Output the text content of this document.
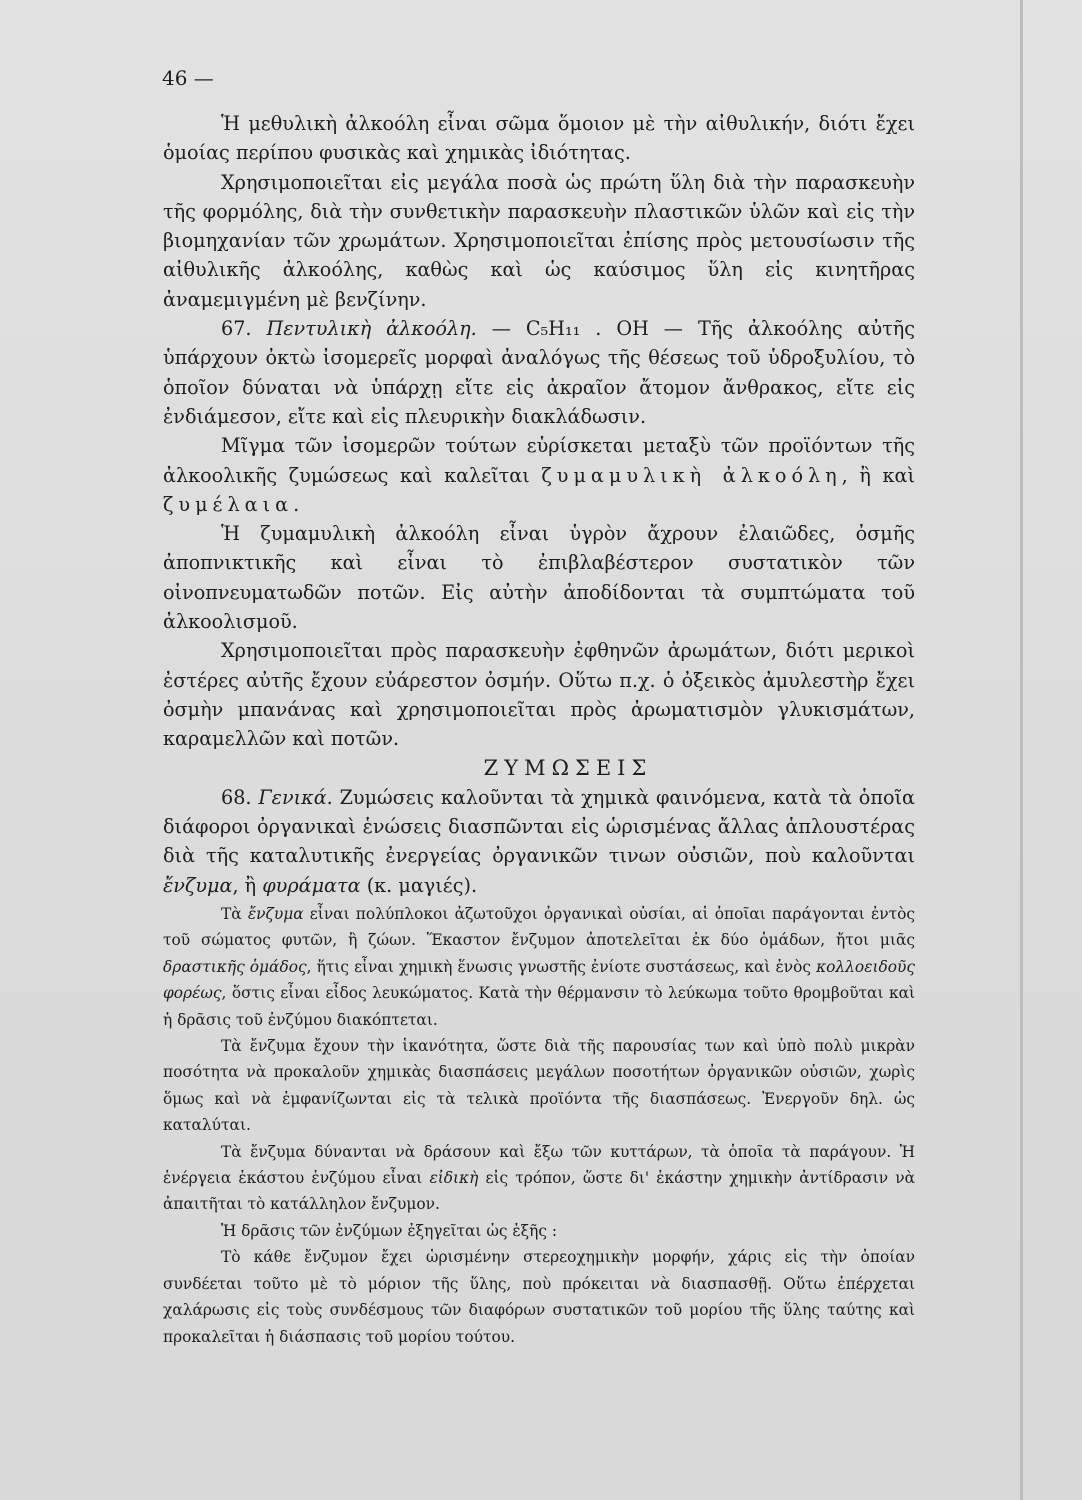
46 —

Ἡ μεθυλικὴ ἀλκοόλη εἶναι σῶμα ὅμοιον μὲ τὴν αἰθυλικήν, διότι ἔχει ὁμοίας περίπου φυσικὰς καὶ χημικὰς ἰδιότητας.

Χρησιμοποιεῖται εἰς μεγάλα ποσὰ ὡς πρώτη ὕλη διὰ τὴν παρασκευὴν τῆς φορμόλης, διὰ τὴν συνθετικὴν παρασκευὴν πλαστικῶν ὑλῶν καὶ εἰς τὴν βιομηχανίαν τῶν χρωμάτων. Χρησιμοποιεῖται ἐπίσης πρὸς μετουσίωσιν τῆς αἰθυλικῆς ἀλκοόλης, καθὼς καὶ ὡς καύσιμος ὕλη εἰς κινητῆρας ἀναμεμιγμένη μὲ βενζίνην.

67. Πεντυλικὴ ἀλκοόλη. — C₅H₁₁ . OH — Τῆς ἀλκοόλης αὐτῆς ὑπάρχουν ὀκτὼ ἰσομερεῖς μορφαὶ ἀναλόγως τῆς θέσεως τοῦ ὑδροξυλίου, τὸ ὁποῖον δύναται νὰ ὑπάρχῃ εἴτε εἰς ἀκραῖον ἄτομον ἄνθρακος, εἴτε εἰς ἐνδιάμεσον, εἴτε καὶ εἰς πλευρικὴν διακλάδωσιν.

Μῖγμα τῶν ἰσομερῶν τούτων εὑρίσκεται μεταξὺ τῶν προϊόντων τῆς ἀλκοολικῆς ζυμώσεως καὶ καλεῖται ζυμαμυλικὴ ἀλκοόλη, ἢ καὶ ζυμέλαια.

Ἡ ζυμαμυλικὴ ἀλκοόλη εἶναι ὑγρὸν ἄχρουν ἐλαιῶδες, ὀσμῆς ἀποπνικτικῆς καὶ εἶναι τὸ ἐπιβλαβέστερον συστατικὸν τῶν οἰνοπνευματωδῶν ποτῶν. Εἰς αὐτὴν ἀποδίδονται τὰ συμπτώματα τοῦ ἀλκοολισμοῦ.

Χρησιμοποιεῖται πρὸς παρασκευὴν ἐφθηνῶν ἀρωμάτων, διότι μερικοὶ ἐστέρες αὐτῆς ἔχουν εὐάρεστον ὀσμήν. Οὕτω π.χ. ὁ ὀξεικὸς ἀμυλεστὴρ ἔχει ὀσμὴν μπανάνας καὶ χρησιμοποιεῖται πρὸς ἀρωματισμὸν γλυκισμάτων, καραμελλῶν καὶ ποτῶν.

ΖΥΜΩΣΕΙΣ

68. Γενικά. Ζυμώσεις καλοῦνται τὰ χημικὰ φαινόμενα, κατὰ τὰ ὁποῖα διάφοροι ὀργανικαὶ ἑνώσεις διασπῶνται εἰς ὡρισμένας ἄλλας ἁπλουστέρας διὰ τῆς καταλυτικῆς ἐνεργείας ὀργανικῶν τινων οὐσιῶν, ποὺ καλοῦνται ἔνζυμα, ἢ φυράματα (κ. μαγιές).

Τὰ ἔνζυμα εἶναι πολύπλοκοι ἀζωτοῦχοι ὀργανικαὶ οὐσίαι, αἱ ὁποῖαι παράγονται ἐντὸς τοῦ σώματος φυτῶν, ἢ ζώων. Ἕκαστον ἔνζυμον ἀποτελεῖται ἐκ δύο ὁμάδων, ἤτοι μιᾶς δραστικῆς ὁμάδος, ἥτις εἶναι χημικὴ ἕνωσις γνωστῆς ἐνίοτε συστάσεως, καὶ ἑνὸς κολλοειδοῦς φορέως, ὅστις εἶναι εἶδος λευκώματος. Κατὰ τὴν θέρμανσιν τὸ λεύκωμα τοῦτο θρομβοῦται καὶ ἡ δρᾶσις τοῦ ἐνζύμου διακόπτεται.

Τὰ ἔνζυμα ἔχουν τὴν ἱκανότητα, ὥστε διὰ τῆς παρουσίας των καὶ ὑπὸ πολὺ μικρὰν ποσότητα νὰ προκαλοῦν χημικὰς διασπάσεις μεγάλων ποσοτήτων ὀργανικῶν οὐσιῶν, χωρὶς ὅμως καὶ νὰ ἐμφανίζωνται εἰς τὰ τελικὰ προϊόντα τῆς διασπάσεως. Ἐνεργοῦν δηλ. ὡς καταλύται.

Τὰ ἔνζυμα δύνανται νὰ δράσουν καὶ ἔξω τῶν κυττάρων, τὰ ὁποῖα τὰ παράγουν. Ἡ ἐνέργεια ἑκάστου ἐνζύμου εἶναι εἰδικὴ εἰς τρόπον, ὥστε δι' ἑκάστην χημικὴν ἀντίδρασιν νὰ ἀπαιτῆται τὸ κατάλληλον ἔνζυμον.

Ἡ δρᾶσις τῶν ἐνζύμων ἐξηγεῖται ὡς ἑξῆς :

Τὸ κάθε ἔνζυμον ἔχει ὡρισμένην στερεοχημικὴν μορφήν, χάρις εἰς τὴν ὁποίαν συνδέεται τοῦτο μὲ τὸ μόριον τῆς ὕλης, ποὺ πρόκειται νὰ διασπασθῇ. Οὕτω ἐπέρχεται χαλάρωσις εἰς τοὺς συνδέσμους τῶν διαφόρων συστατικῶν τοῦ μορίου τῆς ὕλης ταύτης καὶ προκαλεῖται ἡ διάσπασις τοῦ μορίου τούτου.
